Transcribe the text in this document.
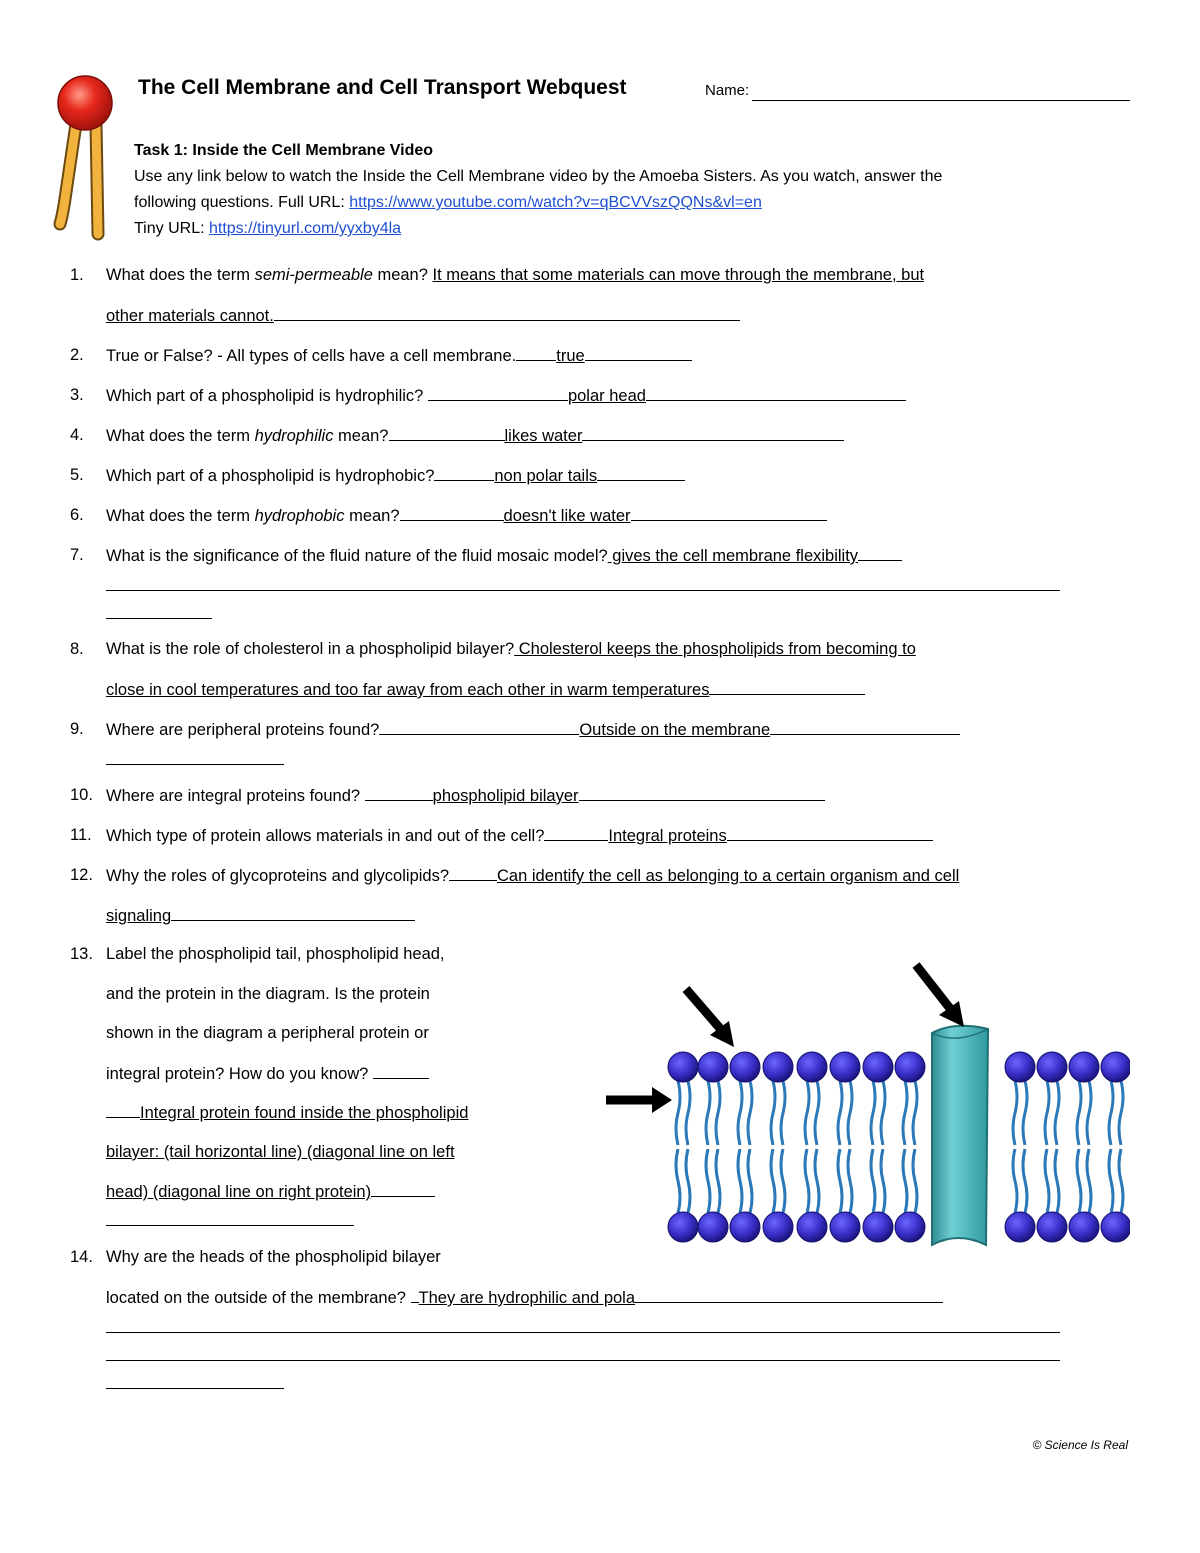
The Cell Membrane and Cell Transport Webquest	Name:
Task 1: Inside the Cell Membrane Video
Use any link below to watch the Inside the Cell Membrane video by the Amoeba Sisters. As you watch, answer the
following questions. Full URL: https://www.youtube.com/watch?v=qBCVVszQQNs&vl=en
Tiny URL: https://tinyurl.com/yyxby4la
1.	What does the term semi-permeable mean? It means that some materials can move through the membrane, but
other materials cannot.
2.	True or False? - All types of cells have a cell membrane. true
3.	Which part of a phospholipid is hydrophilic?	polar head
4.	What does the term hydrophilic mean?	likes water
5.	Which part of a phospholipid is hydrophobic?	non polar tails
6.	What does the term hydrophobic mean?	doesn't like water
7.	What is the significance of the fluid nature of the fluid mosaic model? gives the cell membrane flexibility
8.	What is the role of cholesterol in a phospholipid bilayer? Cholesterol keeps the phospholipids from becoming to
close in cool temperatures and too far away from each other in warm temperatures
9.	Where are peripheral proteins found?	Outside on the membrane
10. Where are integral proteins found?	phospholipid bilayer
11. Which type of protein allows materials in and out of the cell?	Integral proteins
12. Why the roles of glycoproteins and glycolipids?	Can identify the cell as belonging to a certain organism and cell
signaling
13. Label the phospholipid tail, phospholipid head,
and the protein in the diagram. Is the protein
shown in the diagram a peripheral protein or
integral protein? How do you know?
Integral protein found inside the phospholipid
bilayer: (tail horizontal line) (diagonal line on left
head) (diagonal line on right protein)
14. Why are the heads of the phospholipid bilayer
located on the outside of the membrane? They are hydrophilic and pola
© Science Is Real
